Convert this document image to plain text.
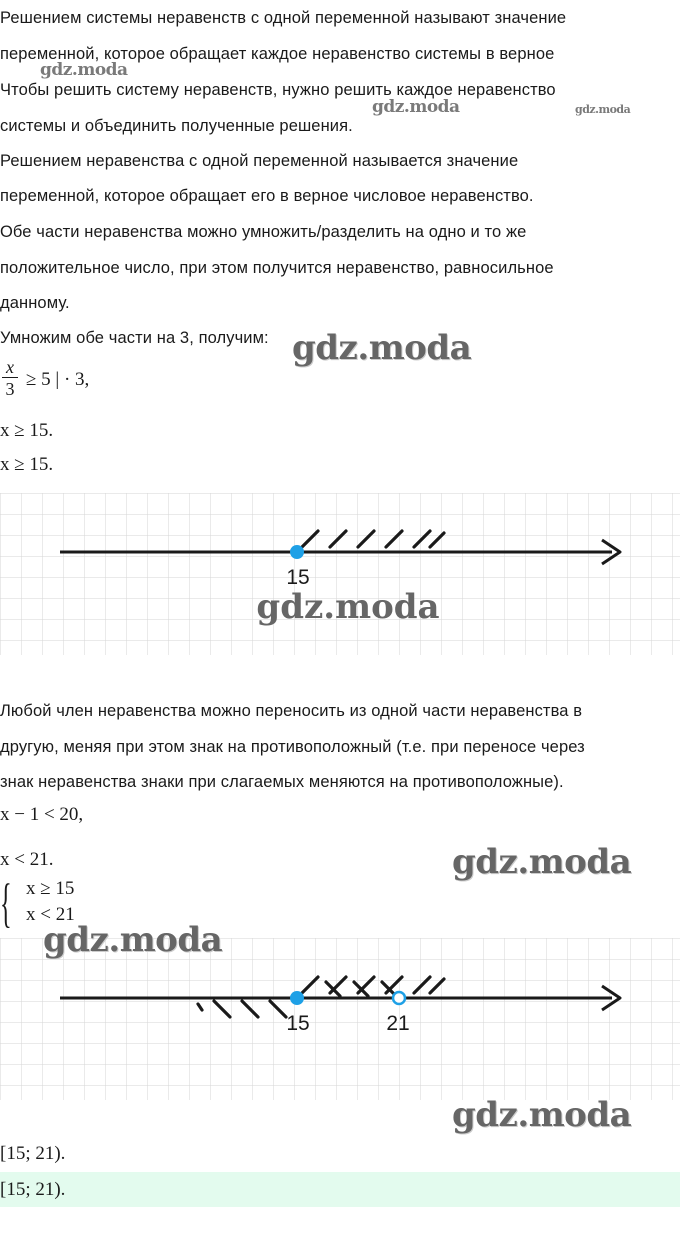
Решением системы неравенств с одной переменной называют значение
переменной, которое обращает каждое неравенство системы в верное
Чтобы решить систему неравенств, нужно решить каждое неравенство
системы и объединить полученные решения.
Решением неравенства с одной переменной называется значение
переменной, которое обращает его в верное числовое неравенство.
Обе части неравенства можно умножить/разделить на одно и то же
положительное число, при этом получится неравенство, равносильное
данному.
gdz.moda
gdz.moda	gdz.moda
Умножим обе части на 3, получим: gdz.moda
x
3 ≥ 5 | · 3,
x ≥ 15.
x ≥ 15.
15
gdz.moda
Любой член неравенства можно переносить из одной части неравенства в
другую, меняя при этом знак на противоположный (т.е. при переносе через
знак неравенства знаки при слагаемых меняются на противоположные).
x − 1 < 20,
x < 21.	gdz.moda
{ x ≥ 15
x < 21
15	21
gdz.moda
gdz.moda
[15; 21).
[15; 21).
